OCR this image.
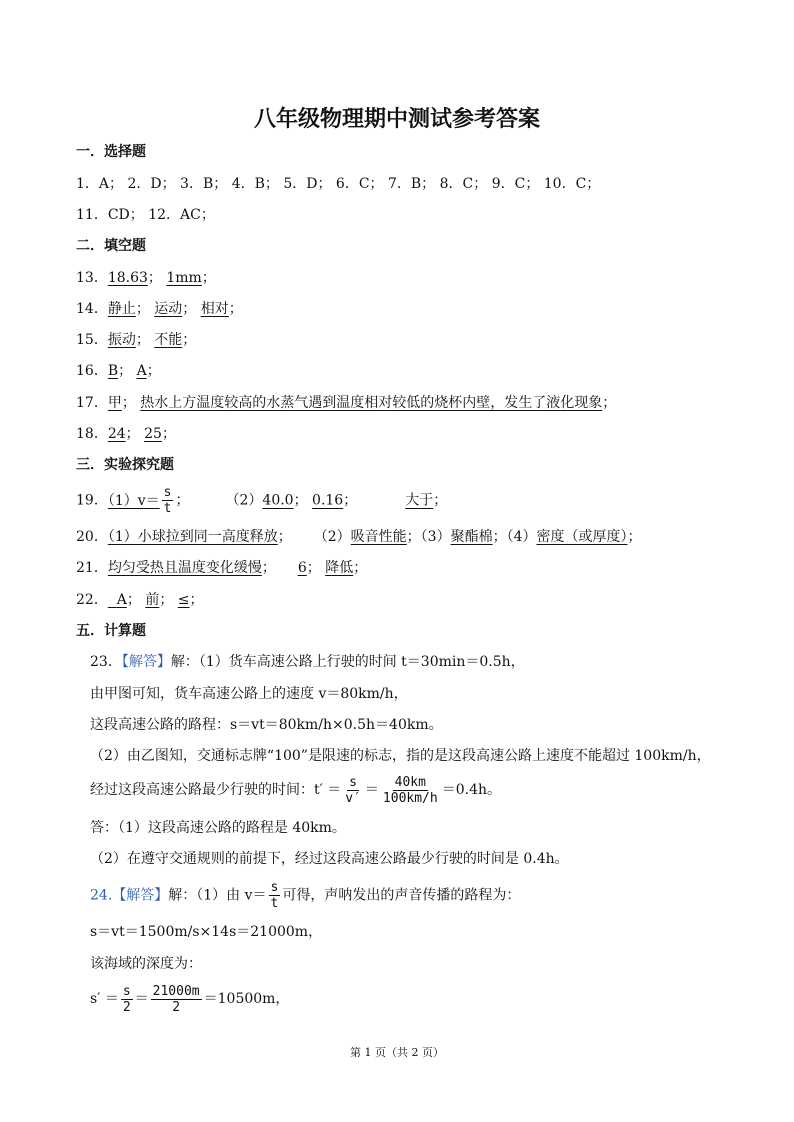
八年级物理期中测试参考答案
一．选择题
1．A； 2．D； 3．B； 4．B； 5．D； 6．C； 7．B； 8．C； 9．C； 10．C；
11．CD； 12．AC；
二．填空题
13．18.63； 1mm；
14．静止； 运动； 相对；
15．振动； 不能；
16．B； A；
17．甲； 热水上方温度较高的水蒸气遇到温度相对较低的烧杯内壁，发生了液化现象；
18．24； 25；
三．实验探究题
19．$(1)v= \frac{s}{t}$ ；	（2）40.0； 0.16；	大于；
20．（1）小球拉到同一高度释放； （2）吸音性能；（3）聚酯棉；（4）密度（或厚度）；
21．均匀受热且温度变化缓慢； 6； 降低；
22． A； 前； ≤；
五．计算题
23．【解答】解：（1）货车高速公路上行驶的时间 t＝30min＝0.5h，
由甲图可知，货车高速公路上的速度 v＝80km/h，
这段高速公路的路程：s＝vt＝80km/h×0.5h＝40km。
（2）由乙图知，交通标志牌“100”是限速的标志，指的是这段高速公路上速度不能超过 100km/h，
经过这段高速公路最少行驶的时间：$t' = \frac{s}{v'} = \frac{40km}{100km/h} =0.4h$。
答：（1）这段高速公路的路程是 40km。
（2）在遵守交通规则的前提下，经过这段高速公路最少行驶的时间是 0.4h。
24.【解答】解：（1）由 $v= \frac{s}{t}$ 可得，声呐发出的声音传播的路程为：
s＝vt＝1500m/s×14s＝21000m，
该海域的深度为：
$s' = \frac{s}{2} = \frac{21000m}{2} =10500m$，
第 1 页（共 2 页）
